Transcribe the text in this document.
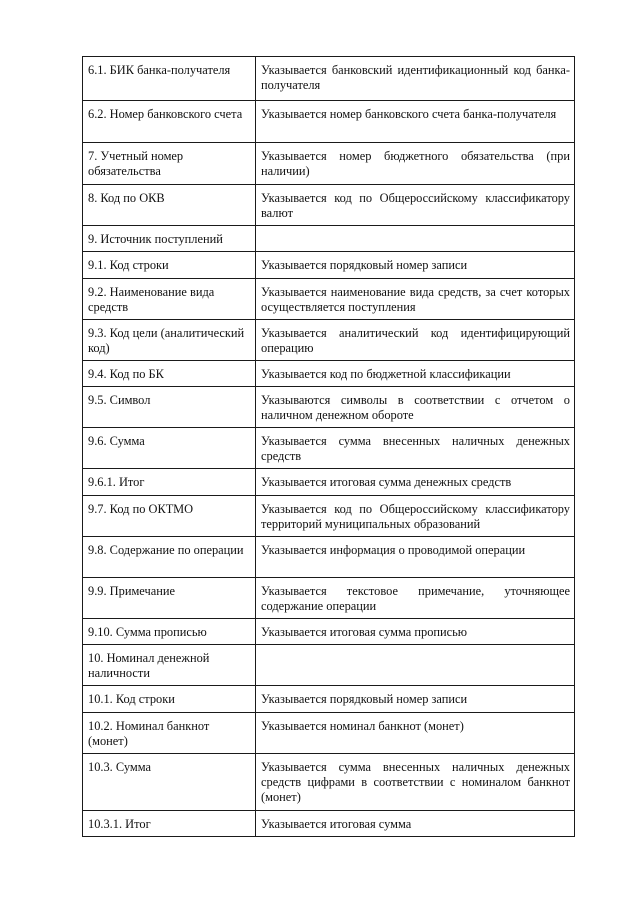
6.1. БИК банка-получателя	Указывается банковский идентификационный код банка-получателя
6.2. Номер банковского счета	Указывается номер банковского счета банка-получателя
7. Учетный номер обязательства	Указывается номер бюджетного обязательства (при наличии)
8. Код по ОКВ	Указывается код по Общероссийскому классификатору валют
9. Источник поступлений	
9.1. Код строки	Указывается порядковый номер записи
9.2. Наименование вида средств	Указывается наименование вида средств, за счет которых осуществляется поступления
9.3. Код цели (аналитический код)	Указывается аналитический код идентифицирующий операцию
9.4. Код по БК	Указывается код по бюджетной классификации
9.5. Символ	Указываются символы в соответствии с отчетом о наличном денежном обороте
9.6. Сумма	Указывается сумма внесенных наличных денежных средств
9.6.1. Итог	Указывается итоговая сумма денежных средств
9.7. Код по ОКТМО	Указывается код по Общероссийскому классификатору территорий муниципальных образований
9.8. Содержание по операции	Указывается информация о проводимой операции
9.9. Примечание	Указывается текстовое примечание, уточняющее содержание операции
9.10. Сумма прописью	Указывается итоговая сумма прописью
10. Номинал денежной наличности	
10.1. Код строки	Указывается порядковый номер записи
10.2. Номинал банкнот (монет)	Указывается номинал банкнот (монет)
10.3. Сумма	Указывается сумма внесенных наличных денежных средств цифрами в соответствии с номиналом банкнот (монет)
10.3.1. Итог	Указывается итоговая сумма
